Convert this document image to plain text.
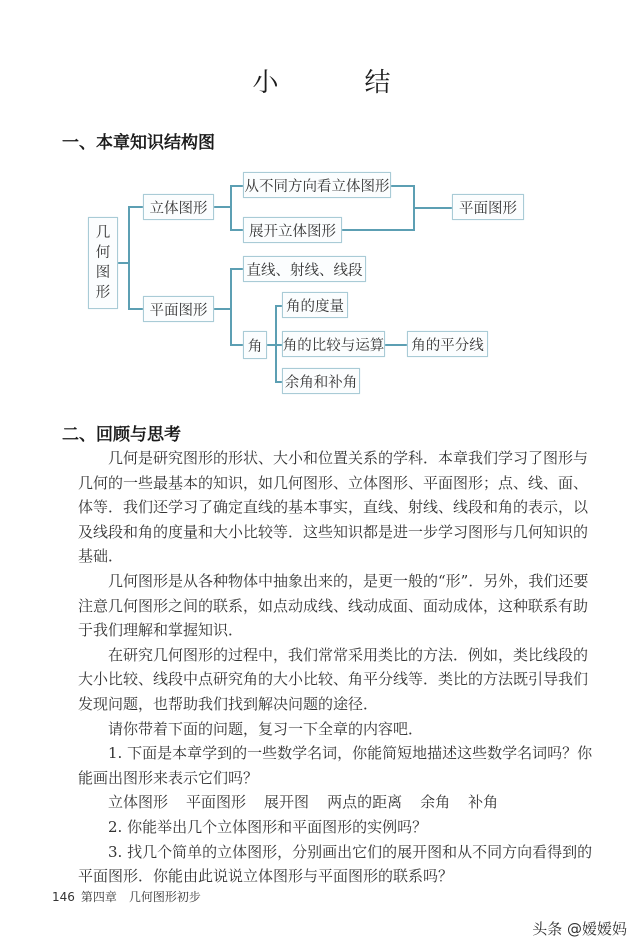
小　结
一、本章知识结构图
几
何
图
形
立体图形
从不同方向看立体图形
展开立体图形
平面图形
平面图形
直线、射线、线段
角
角的度量
角的比较与运算 角的平分线
余角和补角
二、回顾与思考

　　几何是研究图形的形状、大小和位置关系的学科．本章我们学习了图形与几何的一些最基本的知识，如几何图形、立体图形、平面图形；点、线、面、体等．我们还学习了确定直线的基本事实，直线、射线、线段和角的表示，以及线段和角的度量和大小比较等．这些知识都是进一步学习图形与几何知识的基础．

　　几何图形是从各种物体中抽象出来的，是更一般的“形”．另外，我们还要注意几何图形之间的联系，如点动成线、线动成面、面动成体，这种联系有助于我们理解和掌握知识．

　　在研究几何图形的过程中，我们常常采用类比的方法．例如，类比线段的大小比较、线段中点研究角的大小比较、角平分线等．类比的方法既引导我们发现问题，也帮助我们找到解决问题的途径．

　　请你带着下面的问题，复习一下全章的内容吧．

　　1. 下面是本章学到的一些数学名词，你能简短地描述这些数学名词吗？你能画出图形来表示它们吗？

　　立体图形 平面图形 展开图 两点的距离 余角 补角

　　2. 你能举出几个立体图形和平面图形的实例吗？

　　3. 找几个简单的立体图形，分别画出它们的展开图和从不同方向看得到的平面图形．你能由此说说立体图形与平面图形的联系吗？

146 第四章 几何图形初步
头条 @嫒嫒妈
